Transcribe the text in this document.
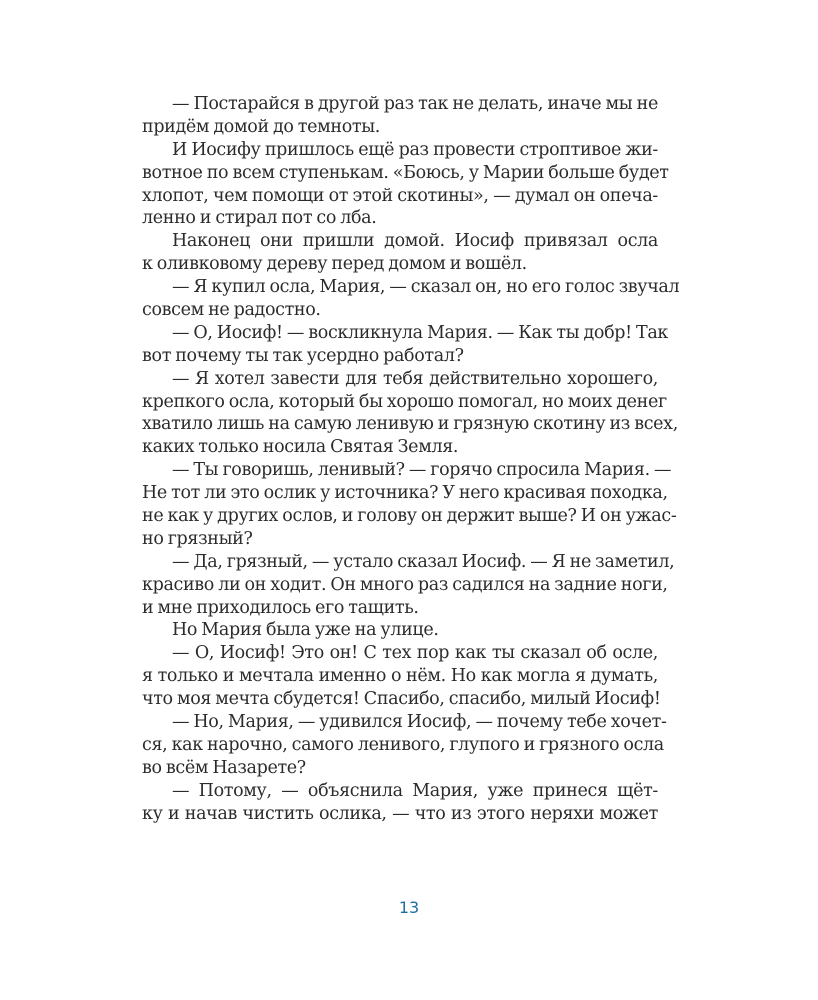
— Постарайся в другой раз так не делать, иначе мы не
придём домой до темноты.
И Иосифу пришлось ещё раз провести строптивое жи-
вотное по всем ступенькам. «Боюсь, у Марии больше будет
хлопот, чем помощи от этой скотины», — думал он опеча-
ленно и стирал пот со лба.
Наконец они пришли домой. Иосиф привязал осла
к оливковому дереву перед домом и вошёл.
— Я купил осла, Мария, — сказал он, но его голос звучал
совсем не радостно.
— О, Иосиф! — воскликнула Мария. — Как ты добр! Так
вот почему ты так усердно работал?
— Я хотел завести для тебя действительно хорошего,
крепкого осла, который бы хорошо помогал, но моих денег
хватило лишь на самую ленивую и грязную скотину из всех,
каких только носила Святая Земля.
— Ты говоришь, ленивый? — горячо спросила Мария. —
Не тот ли это ослик у источника? У него красивая походка,
не как у других ослов, и голову он держит выше? И он ужас-
но грязный?
— Да, грязный, — устало сказал Иосиф. — Я не заметил,
красиво ли он ходит. Он много раз садился на задние ноги,
и мне приходилось его тащить.
Но Мария была уже на улице.
— О, Иосиф! Это он! С тех пор как ты сказал об осле,
я только и мечтала именно о нём. Но как могла я думать,
что моя мечта сбудется! Спасибо, спасибо, милый Иосиф!
— Но, Мария, — удивился Иосиф, — почему тебе хочет-
ся, как нарочно, самого ленивого, глупого и грязного осла
во всём Назарете?
— Потому, — объяснила Мария, уже принеся щёт-
ку и начав чистить ослика, — что из этого неряхи может
13
